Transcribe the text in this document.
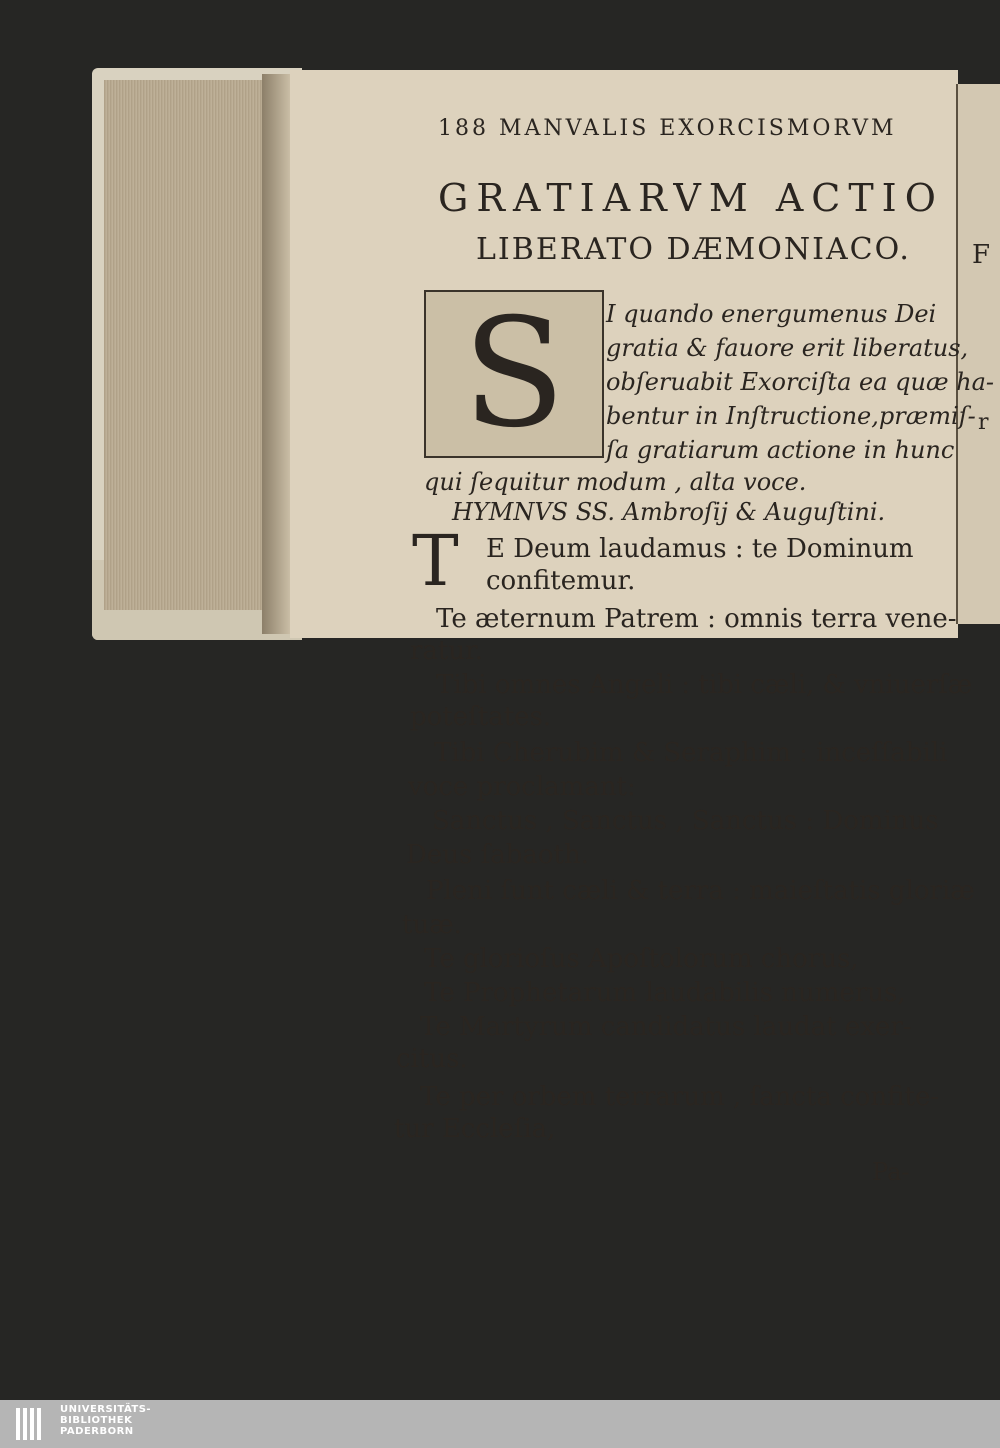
F
r
188 MANVALIS EXORCISMORVM
GRATIARVM ACTIO
LIBERATO DÆMONIACO.
S I quando energumenus Dei
gratia & fauore erit liberatus,
obſeruabit Exorciſta ea quæ ha-
bentur in Inſtructione,præmiſ-
ſa gratiarum actione in hunc
qui ſequitur modum , alta voce.
HYMNVS SS. Ambroſij & Auguſtini.
T E Deum laudamus : te Dominum
confitemur.
Te æternum Patrem : omnis terra vene-
ratur.
Tibi omnes Angeli : tibi cæli, & vniuerſæ
poteſtates.
Tibi Cherubim & Seraphim : inceſſabili
voce proclamant:
Sanctus , Sanctus , Sanctus : Dominus
Deus ſabaoth.
Pleni ſunt cæli & terra : maieſtatis gloriæ
tuæ.
Te glorioſus Apoſtolorum chorus,
Te Prophetarum laudabilis numerus,
Te Martyrum candidatus laudat exer-
citus.
Te per orbem terrarum , ſancta confite-
tur Eccleſia,
Pa-
UNIVERSITÄTS-
BIBLIOTHEK
PADERBORN
